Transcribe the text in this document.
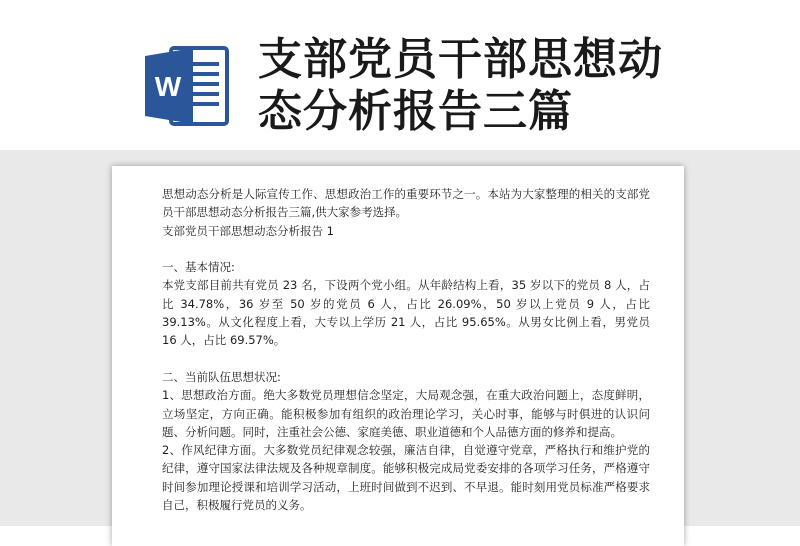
W
支部党员干部思想动
态分析报告三篇

思想动态分析是人际宣传工作、思想政治工作的重要环节之一。本站为大家整理的相关的支部党员干部思想动态分析报告三篇,供大家参考选择。

支部党员干部思想动态分析报告 1

一、基本情况:

本党支部目前共有党员 23 名，下设两个党小组。从年龄结构上看，35 岁以下的党员 8 人，占比 34.78%，36 岁至 50 岁的党员 6 人，占比 26.09%，50 岁以上党员 9 人，占比 39.13%。从文化程度上看，大专以上学历 21 人，占比 95.65%。从男女比例上看，男党员 16 人，占比 69.57%。

二、当前队伍思想状况:

1、思想政治方面。绝大多数党员理想信念坚定，大局观念强，在重大政治问题上，态度鲜明，立场坚定，方向正确。能积极参加有组织的政治理论学习，关心时事，能够与时俱进的认识问题、分析问题。同时，注重社会公德、家庭美德、职业道德和个人品德方面的修养和提高。

2、作风纪律方面。大多数党员纪律观念较强，廉洁自律，自觉遵守党章，严格执行和维护党的纪律，遵守国家法律法规及各种规章制度。能够积极完成局党委安排的各项学习任务，严格遵守时间参加理论授课和培训学习活动，上班时间做到不迟到、不早退。能时刻用党员标准严格要求自己，积极履行党员的义务。
